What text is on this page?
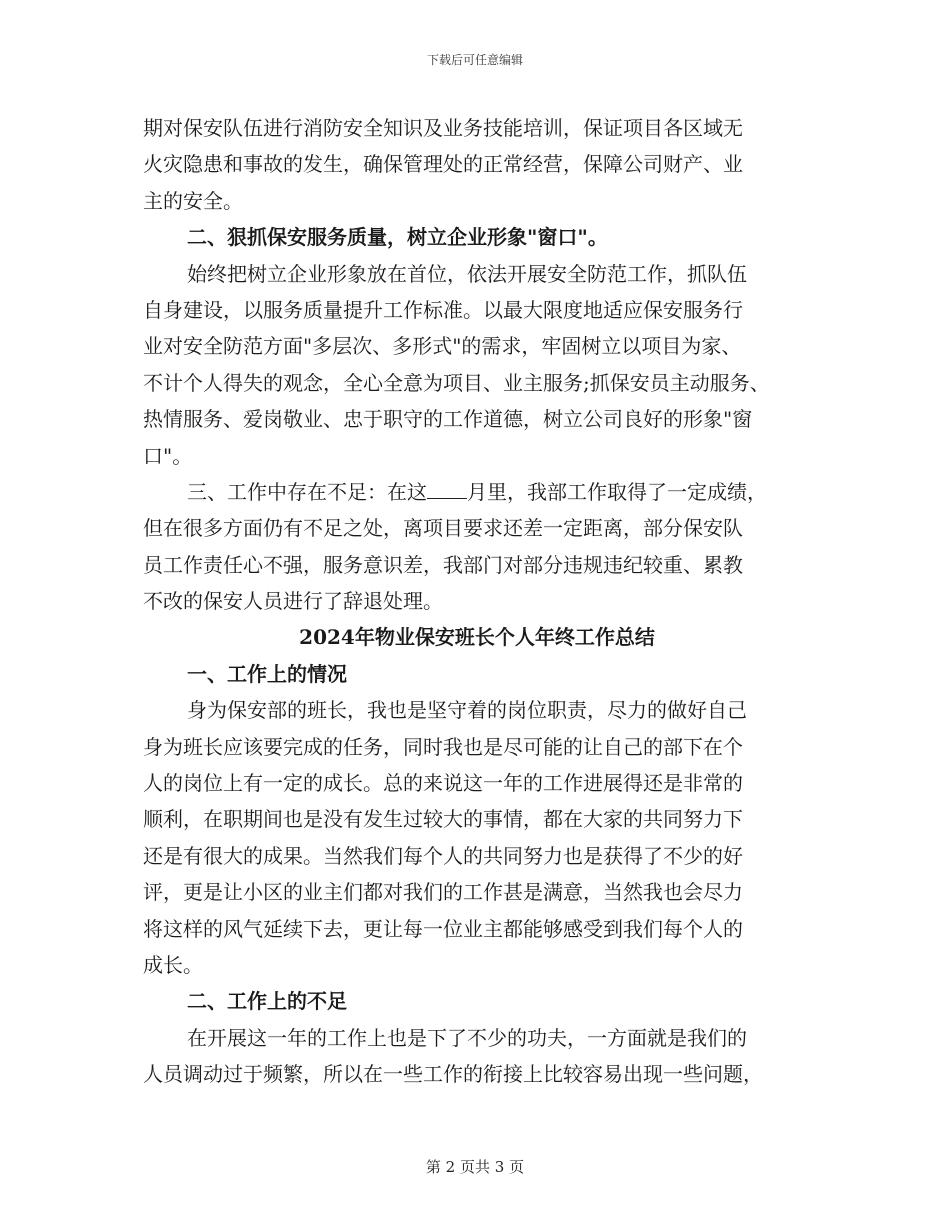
下载后可任意编辑
期对保安队伍进行消防安全知识及业务技能培训，保证项目各区域无
火灾隐患和事故的发生，确保管理处的正常经营，保障公司财产、业
主的安全。
二、狠抓保安服务质量，树立企业形象"窗口"。
始终把树立企业形象放在首位，依法开展安全防范工作，抓队伍
自身建设，以服务质量提升工作标准。以最大限度地适应保安服务行
业对安全防范方面"多层次、多形式"的需求，牢固树立以项目为家、
不计个人得失的观念，全心全意为项目、业主服务;抓保安员主动服务、
热情服务、爱岗敬业、忠于职守的工作道德，树立公司良好的形象"窗
口"。
三、工作中存在不足：在这 月里，我部工作取得了一定成绩，
但在很多方面仍有不足之处，离项目要求还差一定距离，部分保安队
员工作责任心不强，服务意识差，我部门对部分违规违纪较重、累教
不改的保安人员进行了辞退处理。
2024年物业保安班长个人年终工作总结
一、工作上的情况
身为保安部的班长，我也是坚守着的岗位职责，尽力的做好自己
身为班长应该要完成的任务，同时我也是尽可能的让自己的部下在个
人的岗位上有一定的成长。总的来说这一年的工作进展得还是非常的
顺利，在职期间也是没有发生过较大的事情，都在大家的共同努力下
还是有很大的成果。当然我们每个人的共同努力也是获得了不少的好
评，更是让小区的业主们都对我们的工作甚是满意，当然我也会尽力
将这样的风气延续下去，更让每一位业主都能够感受到我们每个人的
成长。
二、工作上的不足
在开展这一年的工作上也是下了不少的功夫，一方面就是我们的
人员调动过于频繁，所以在一些工作的衔接上比较容易出现一些问题，
第 2 页共 3 页
